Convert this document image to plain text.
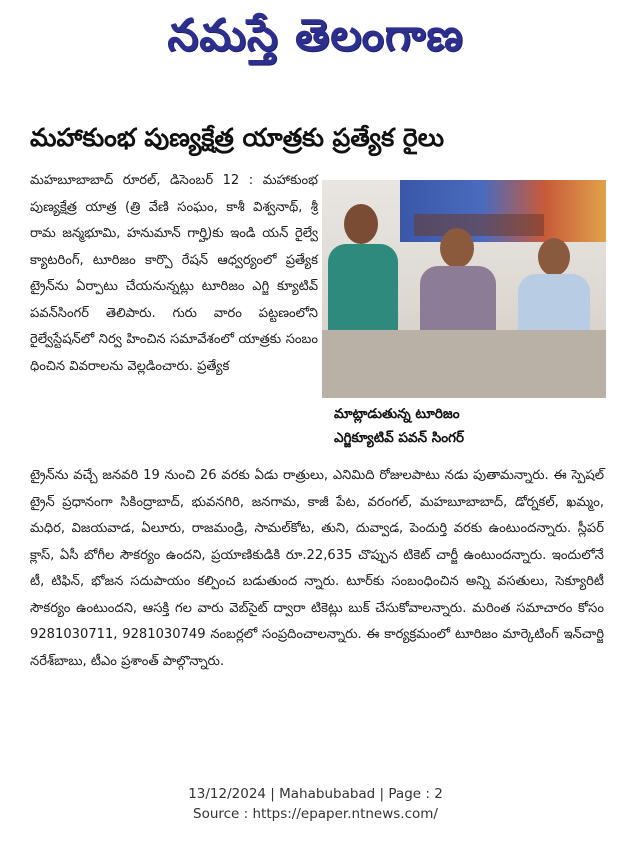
నమస్తే తెలంగాణ
మహాకుంభ పుణ్యక్షేత్ర యాత్రకు ప్రత్యేక రైలు
మహబూబాబాద్ రూరల్, డిసెంబర్ 12 : మహాకుంభ పుణ్యక్షేత్ర యాత్ర (త్రి వేణి సంఘం, కాశీ విశ్వనాథ్, శ్రీ రామ జన్మభూమి, హనుమాన్ గార్హి)కు ఇండి యన్ రైల్వే క్యాటరింగ్, టూరిజం కార్పొ రేషన్ ఆధ్వర్యంలో ప్రత్యేక ట్రైన్‌ను ఏర్పాటు చేయనున్నట్లు టూరిజం ఎగ్జి క్యూటివ్ పవన్‌సింగర్ తెలిపారు. గురు వారం పట్టణంలోని రైల్వేస్టేషన్‌లో నిర్వ హించిన సమావేశంలో యాత్రకు సంబం ధించిన వివరాలను వెల్లడించారు. ప్రత్యేక
మాట్లాడుతున్న టూరిజం
ఎగ్జిక్యూటివ్ పవన్ సింగర్
ట్రైన్‌ను వచ్చే జనవరి 19 నుంచి 26 వరకు ఏడు రాత్రులు, ఎనిమిది రోజులపాటు నడు పుతామన్నారు. ఈ స్పెషల్ ట్రైన్ ప్రధానంగా సికింద్రాబాద్, భువనగిరి, జనగామ, కాజీ పేట, వరంగల్, మహబూబాబాద్, డోర్నకల్, ఖమ్మం, మధిర, విజయవాడ, ఏలూరు, రాజమండ్రి, సామల్‌కోట, తుని, దువ్వాడ, పెందుర్తి వరకు ఉంటుందన్నారు. స్లీపర్ క్లాస్, ఏసీ బోగీల సౌకర్యం ఉందని, ప్రయాణికుడికి రూ.22,635 చొప్పున టికెట్ చార్జీ ఉంటుందన్నారు. ఇందులోనే టీ, టిఫిన్, భోజన సదుపాయం కల్పించ బడుతుంద న్నారు. టూర్‌కు సంబంధించిన అన్ని వసతులు, సెక్యూరిటీ సౌకర్యం ఉంటుందని, ఆసక్తి గల వారు వెబ్‌సైట్ ద్వారా టికెట్లు బుక్ చేసుకోవాలన్నారు. మరింత సమాచారం కోసం 9281030711, 9281030749 నంబర్లలో సంప్రదించాలన్నారు. ఈ కార్యక్రమంలో టూరిజం మార్కెటింగ్ ఇన్‌చార్జి నరేశ్‌బాబు, టీఎం ప్రశాంత్ పాల్గొన్నారు.
13/12/2024 | Mahabubabad | Page : 2
Source : https://epaper.ntnews.com/
